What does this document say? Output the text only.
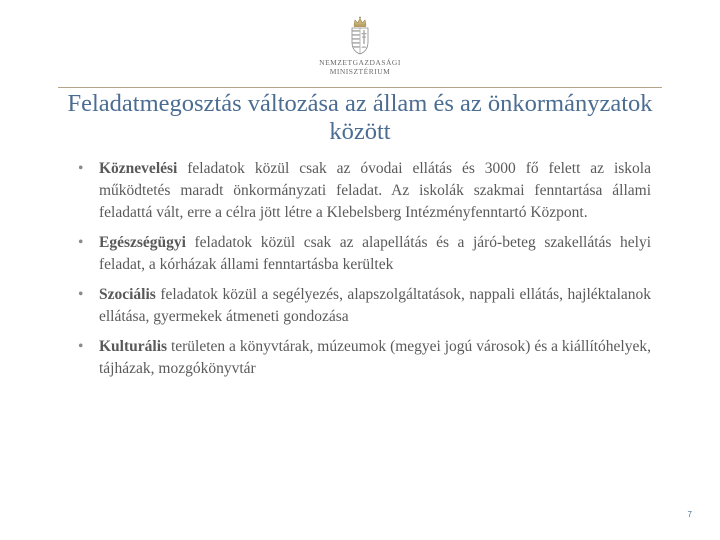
NEMZETGAZDASÁGI
MINISZTÉRIUM
Feladatmegosztás változása az állam és az önkormányzatok
között
•	Köznevelési feladatok közül csak az óvodai ellátás és 3000 fő felett az iskola működtetés maradt önkormányzati feladat. Az iskolák szakmai fenntartása állami feladattá vált, erre a célra jött létre a Klebelsberg Intézményfenntartó Központ.
•	Egészségügyi feladatok közül csak az alapellátás és a járó-beteg szakellátás helyi feladat, a kórházak állami fenntartásba kerültek
•	Szociális feladatok közül a segélyezés, alapszolgáltatások, nappali ellátás, hajléktalanok ellátása, gyermekek átmeneti gondozása
•	Kulturális területen a könyvtárak, múzeumok (megyei jogú városok) és a kiállítóhelyek, tájházak, mozgókönyvtár
7
